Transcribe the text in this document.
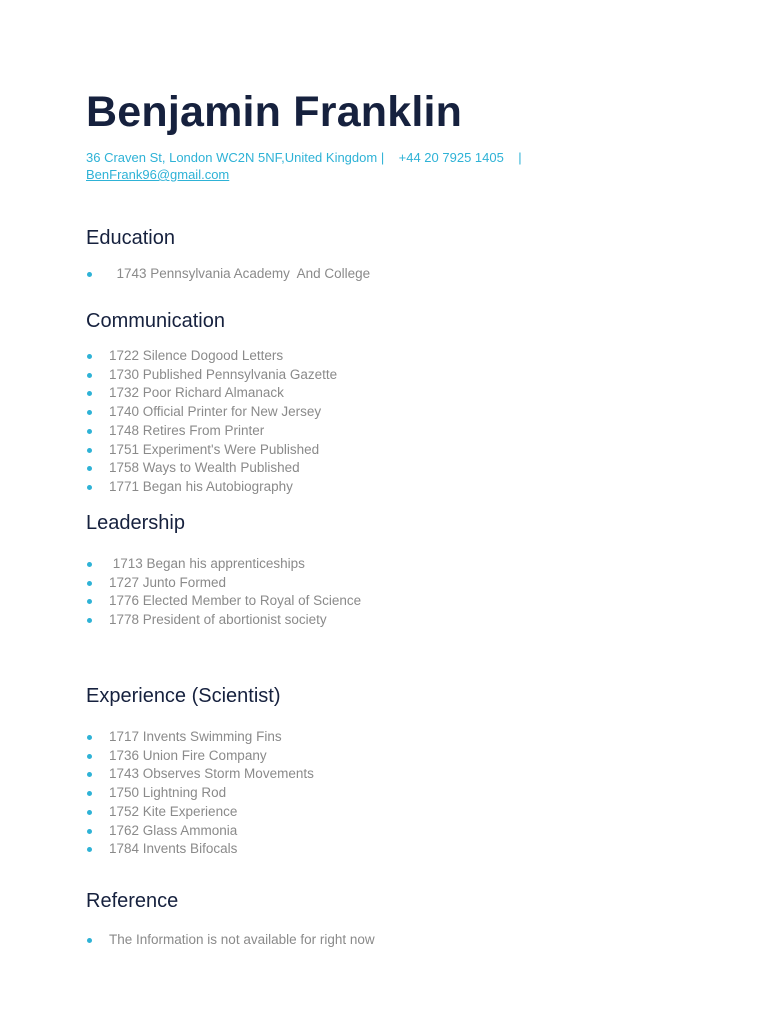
Benjamin Franklin
36 Craven St, London WC2N 5NF,United Kingdom |    +44 20 7925 1405    |
BenFrank96@gmail.com
Education
1743 Pennsylvania Academy  And College
Communication
1722 Silence Dogood Letters
1730 Published Pennsylvania Gazette
1732 Poor Richard Almanack
1740 Official Printer for New Jersey
1748 Retires From Printer
1751 Experiment's Were Published
1758 Ways to Wealth Published
1771 Began his Autobiography
Leadership
1713 Began his apprenticeships
1727 Junto Formed
1776 Elected Member to Royal of Science
1778 President of abortionist society
Experience (Scientist)
1717 Invents Swimming Fins
1736 Union Fire Company
1743 Observes Storm Movements
1750 Lightning Rod
1752 Kite Experience
1762 Glass Ammonia
1784 Invents Bifocals
Reference
The Information is not available for right now
